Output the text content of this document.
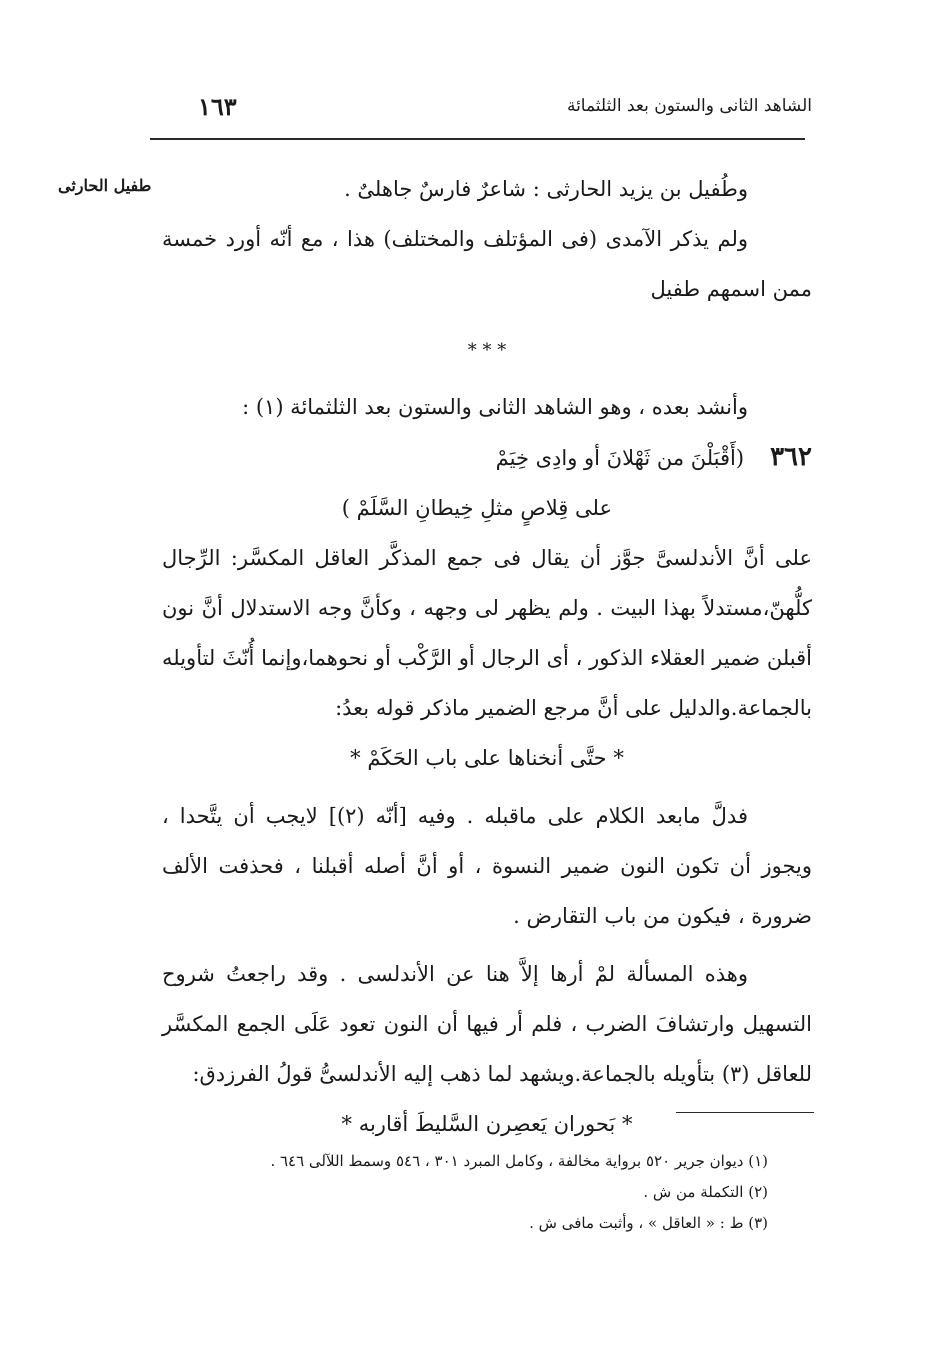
الشاهد الثانى والستون بعد الثلثمائة
١٦٣
طفيل الحارثى	وطُفيل بن يزيد الحارثى : شاعرٌ فارسٌ جاهلىٌ .

ولم يذكر الآمدى (فى المؤتلف والمختلف) هذا ، مع أنّه أورد خمسة ممن اسمهم طفيل

* * *

وأنشد بعده ، وهو الشاهد الثانى والستون بعد الثلثمائة (١) :

٣٦٢
(أَقْبَلْنَ من ثَهْلانَ أو وادِى خِيَمْ
على قِلاصٍ مثلِ خِيطانِ السَّلَمْ )

على أنَّ الأندلسىَّ جوَّز أن يقال فى جمع المذكَّر العاقل المكسَّر: الرِّجال كلُّهنّ،مستدلاً بهذا البيت . ولم يظهر لى وجهه ، وكأنَّ وجه الاستدلال أنَّ نون أقبلن ضمير العقلاء الذكور ، أى الرجال أو الرَّكْب أو نحوهما،وإنما أُنّثَ لتأويله بالجماعة.والدليل على أنَّ مرجع الضمير ماذكر قوله بعدُ:

* حتَّى أنخناها على باب الحَكَمْ *

فدلَّ مابعد الكلام على ماقبله . وفيه [أنّه (٢)] لايجب أن يتَّحدا ، ويجوز أن تكون النون ضمير النسوة ، أو أنَّ أصله أقبلنا ، فحذفت الألف ضرورة ، فيكون من باب التقارض .

وهذه المسألة لمْ أرها إلاَّ هنا عن الأندلسى . وقد راجعتُ شروح التسهيل وارتشافَ الضرب ، فلم أر فيها أن النون تعود عَلَى الجمع المكسَّر للعاقل (٣) بتأويله بالجماعة.ويشهد لما ذهب إليه الأندلسىُّ قولُ الفرزدق:

* بَحوران يَعصِرن السَّليطَ أقاربه *
(١) ديوان جرير ٥٢٠ برواية مخالفة ، وكامل المبرد ٣٠١ ، ٥٤٦ وسمط اللآلى ٦٤٦ .
(٢) التكملة من ش .
(٣) ط : « العاقل » ، وأثبت مافى ش .
